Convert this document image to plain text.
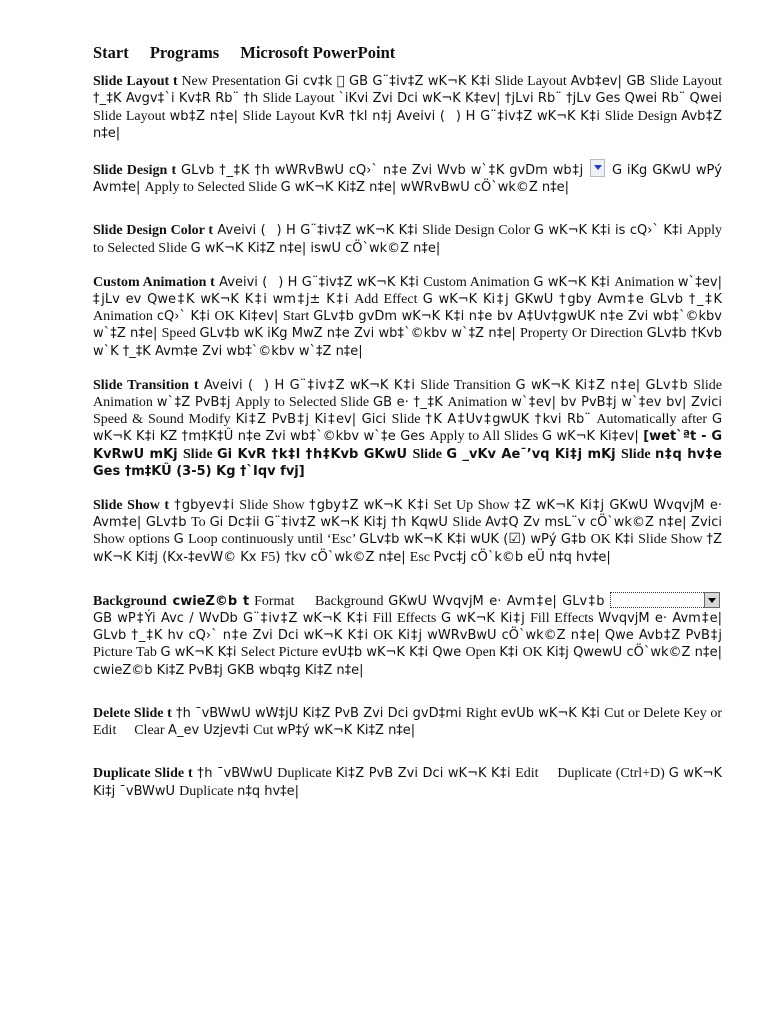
Start Programs Microsoft PowerPoint

Slide Layout t New Presentation Gi cv‡k GB G¨‡iv‡Z wK¬K K‡i Slide Layout Avb‡ev| GB Slide Layout †_‡K Avgv‡`i Kv‡R Rb¨ †h Slide Layout `iKvi Zvi Dci wK¬K K‡ev| †jLvi Rb¨ †jLv Ges Qwei Rb¨ Qwei Slide Layout wb‡Z n‡e| Slide Layout KvR †kl n‡j Aveivi ( ) H G¨‡iv‡Z wK¬K K‡i Slide Design Avb‡Z n‡e|

Slide Design t GLvb †_‡K †h wWRvBwU cQ›` n‡e Zvi Wvb w`‡K gvDm wb‡j  G iKg GKwU wPý Avm‡e| Apply to Selected Slide G wK¬K Ki‡Z n‡e| wWRvBwU cÖ`wk©Z n‡e|

Slide Design Color t Aveivi ( ) H G¨‡iv‡Z wK¬K K‡i Slide Design Color G wK¬K K‡i is cQ›` K‡i Apply to Selected Slide G wK¬K Ki‡Z n‡e| iswU cÖ`wk©Z n‡e|

Custom Animation t Aveivi ( ) H G¨‡iv‡Z wK¬K K‡i Custom Animation G wK¬K K‡i Animation w`‡ev| ‡jLv ev Qwe‡K wK¬K K‡i wm‡j± K‡i Add Effect G wK¬K Ki‡j GKwU †gby Avm‡e GLvb †_‡K Animation cQ›` K‡i OK Ki‡ev| Start GLv‡b gvDm wK¬K K‡i n‡e bv A‡Uv‡gwUK n‡e Zvi wb‡`©kbv w`‡Z n‡e| Speed GLv‡b wK iKg MwZ n‡e Zvi wb‡`©kbv w`‡Z n‡e| Property Or Direction GLv‡b †Kvb w`K †_‡K Avm‡e Zvi wb‡`©kbv w`‡Z n‡e|

Slide Transition t Aveivi ( ) H G¨‡iv‡Z wK¬K K‡i Slide Transition G wK¬K Ki‡Z n‡e| GLv‡b Slide Animation w`‡Z PvB‡j Apply to Selected Slide GB e· †_‡K Animation w`‡ev| bv PvB‡j w`‡ev bv| Zvici Speed & Sound Modify Ki‡Z PvB‡j Ki‡ev| Gici Slide †K A‡Uv‡gwUK †kvi Rb¨ Automatically after G wK¬K K‡i KZ †m‡K‡Û n‡e Zvi wb‡`©kbv w`‡e Ges Apply to All Slides G wK¬K Ki‡ev| [wet`ªt - G KvRwU mKj Slide Gi KvR †k‡l †h‡Kvb GKwU Slide G _vKv Ae¯’vq Ki‡j mKj Slide n‡q hv‡e Ges †m‡KÛ (3-5) Kg †`Iqv fvj]

Slide Show t †gbyev‡i Slide Show †gby‡Z wK¬K K‡i Set Up Show ‡Z wK¬K Ki‡j GKwU WvqvjM e· Avm‡e| GLv‡b To Gi Dc‡ii G¨‡iv‡Z wK¬K Ki‡j †h KqwU Slide Av‡Q Zv msL¨v cÖ`wk©Z n‡e| Zvici Show options G Loop continuously until ‘Esc’ GLv‡b wK¬K K‡i wUK (☑) wPý G‡b OK K‡i Slide Show †Z wK¬K Ki‡j (Kx-‡evW© Kx F5) †kv cÖ`wk©Z n‡e| Esc Pvc‡j cÖ`k©b eÜ n‡q hv‡e|

Background cwieZ©b t Format Background GKwU WvqvjM e· Avm‡e| GLv‡b	GB wP‡Ýi Avc / WvDb G¨‡iv‡Z wK¬K K‡i Fill Effects G wK¬K Ki‡j Fill Effects WvqvjM e· Avm‡e| GLvb †_‡K hv cQ›` n‡e Zvi Dci wK¬K K‡i OK Ki‡j wWRvBwU cÖ`wk©Z n‡e| Qwe Avb‡Z PvB‡j Picture Tab G wK¬K K‡i Select Picture evU‡b wK¬K K‡i Qwe Open K‡i OK Ki‡j QwewU cÖ`wk©Z n‡e| cwieZ©b Ki‡Z PvB‡j GKB wbq‡g Ki‡Z n‡e|

Delete Slide t †h ¯vBWwU wW‡jU Ki‡Z PvB Zvi Dci gvD‡mi Right evUb wK¬K K‡i Cut or Delete Key or Edit Clear A_ev Uzjev‡i Cut wP‡ý wK¬K Ki‡Z n‡e|

Duplicate Slide t †h ¯vBWwU Duplicate Ki‡Z PvB Zvi Dci wK¬K K‡i Edit Duplicate (Ctrl+D) G wK¬K Ki‡j ¯vBWwU Duplicate n‡q hv‡e|
